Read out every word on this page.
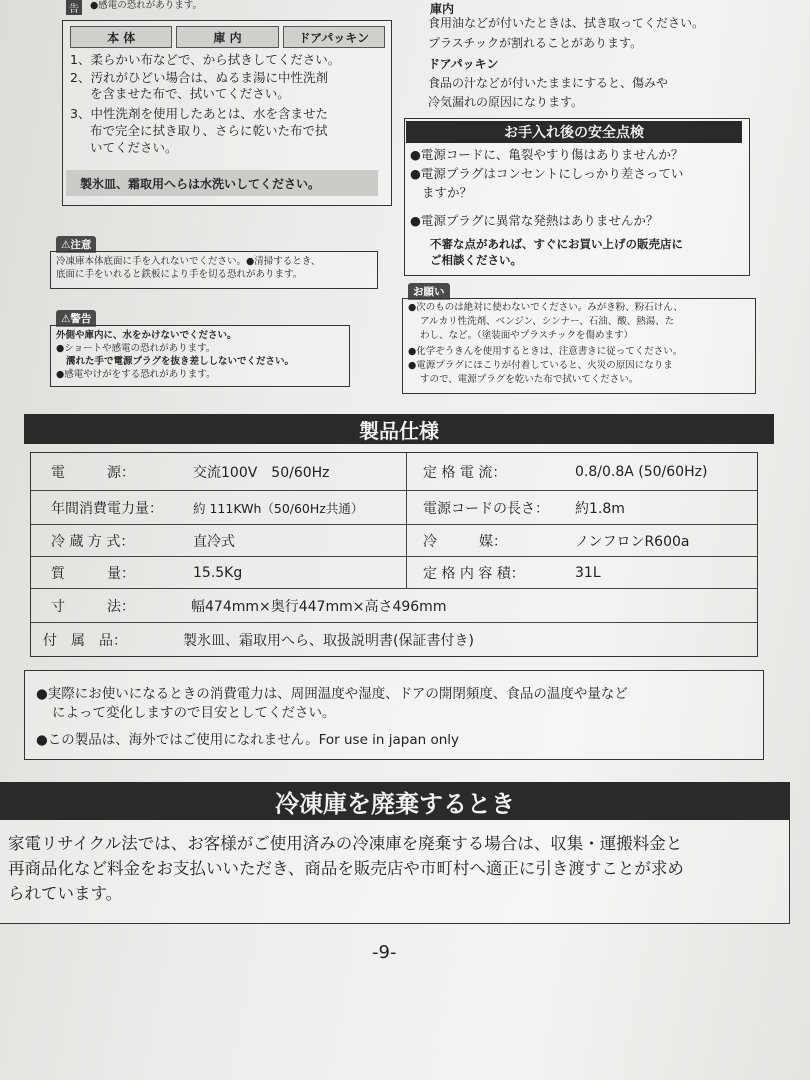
告	●感電の恐れがあります。
本 体	庫 内	ドアパッキン
1、柔らかい布などで、から拭きしてください。
2、汚れがひどい場合は、ぬるま湯に中性洗剤
を含ませた布で、拭いてください。
3、中性洗剤を使用したあとは、水を含ませた
布で完全に拭き取り、さらに乾いた布で拭
いてください。
製氷皿、霜取用へらは水洗いしてください。
⚠注意
冷凍庫本体底面に手を入れないでください。●清掃するとき、
底面に手をいれると鉄板により手を切る恐れがあります。
⚠警告
外側や庫内に、水をかけないでください。
●ショートや感電の恐れがあります。
濡れた手で電源プラグを抜き差ししないでください。
●感電やけがをする恐れがあります。
庫内
食用油などが付いたときは、拭き取ってください。
プラスチックが割れることがあります。
ドアパッキン
食品の汁などが付いたままにすると、傷みや
冷気漏れの原因になります。
お手入れ後の安全点検
●電源コードに、亀裂やすり傷はありませんか？
●電源プラグはコンセントにしっかり差さってい
ますか？
●電源プラグに異常な発熱はありませんか？
不審な点があれば、すぐにお買い上げの販売店に
ご相談ください。
お願い
●次のものは絶対に使わないでください。みがき粉、粉石けん、
アルカリ性洗剤、ベンジン、シンナー、石油、酸、熱湯、た
わし、など。（塗装面やプラスチックを傷めます）
●化学ぞうきんを使用するときは、注意書きに従ってください。
●電源プラグにほこりが付着していると、火災の原因になりま
すので、電源プラグを乾いた布で拭いてください。
製品仕様
電　　　源：	交流100V　50/60Hz	定 格 電 流：	0.8/0.8A (50/60Hz)
年間消費電力量： 約 111KWh（50/60Hz共通）	電源コードの長さ： 約1.8m
冷 蔵 方 式：	直冷式	冷　　　媒：	ノンフロンR600a
質　　　量：	15.5Kg	定 格 内 容 積：	31L
寸　　　法：	幅474mm×奥行447mm×高さ496mm
付　属　品：	製氷皿、霜取用へら、取扱説明書(保証書付き)
●実際にお使いになるときの消費電力は、周囲温度や湿度、ドアの開閉頻度、食品の温度や量など
によって変化しますので目安としてください。
●この製品は、海外ではご使用になれません。For use in japan only
冷凍庫を廃棄するとき
家電リサイクル法では、お客様がご使用済みの冷凍庫を廃棄する場合は、収集・運搬料金と
再商品化など料金をお支払いいただき、商品を販売店や市町村へ適正に引き渡すことが求め
られています。
-9-
